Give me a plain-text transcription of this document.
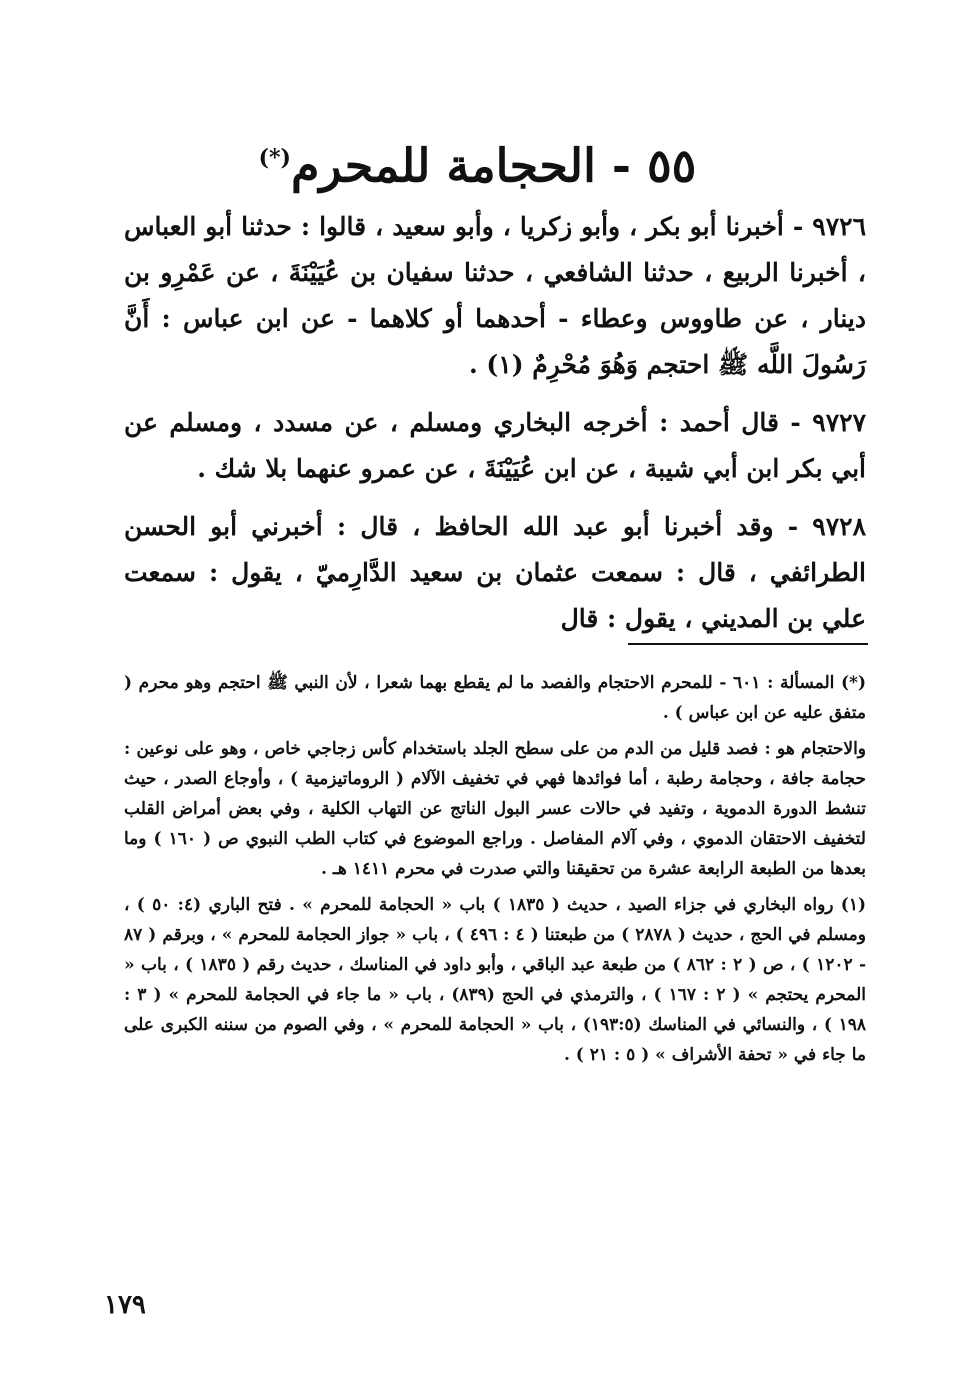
٥٥ - الحجامة للمحرم(*)

٩٧٢٦ - أخبرنا أبو بكر ، وأبو زكريا ، وأبو سعيد ، قالوا : حدثنا أبو العباس ، أخبرنا الربيع ، حدثنا الشافعي ، حدثنا سفيان بن عُيَيْنَةَ ، عن عَمْرِو بن دينار ، عن طاووس وعطاء - أحدهما أو كلاهما - عن ابن عباس : أَنَّ رَسُولَ اللَّه ﷺ احتجم وَهُوَ مُحْرِمٌ (١) .

٩٧٢٧ - قال أحمد : أخرجه البخاري ومسلم ، عن مسدد ، ومسلم عن أبي بكر ابن أبي شيبة ، عن ابن عُيَيْنَةَ ، عن عمرو عنهما بلا شك .

٩٧٢٨ - وقد أخبرنا أبو عبد الله الحافظ ، قال : أخبرني أبو الحسن الطرائفي ، قال : سمعت عثمان بن سعيد الدَّارِميّ ، يقول : سمعت علي بن المديني ، يقول : قال

(*) المسألة : ٦٠١ - للمحرم الاحتجام والفصد ما لم يقطع بهما شعرا ، لأن النبي ﷺ احتجم وهو محرم ( متفق عليه عن ابن عباس ) .

والاحتجام هو : فصد قليل من الدم من على سطح الجلد باستخدام كأس زجاجي خاص ، وهو على نوعين : حجامة جافة ، وحجامة رطبة ، أما فوائدها فهي في تخفيف الآلام ( الروماتيزمية ) ، وأوجاع الصدر ، حيث تنشط الدورة الدموية ، وتفيد في حالات عسر البول الناتج عن التهاب الكلية ، وفي بعض أمراض القلب لتخفيف الاحتقان الدموي ، وفي آلام المفاصل . وراجع الموضوع في كتاب الطب النبوي ص ( ١٦٠ ) وما بعدها من الطبعة الرابعة عشرة من تحقيقنا والتي صدرت في محرم ١٤١١ هـ .

(١) رواه البخاري في جزاء الصيد ، حديث ( ١٨٣٥ ) باب « الحجامة للمحرم » . فتح الباري (٤: ٥٠ ) ، ومسلم في الحج ، حديث ( ٢٨٧٨ ) من طبعتنا ( ٤ : ٤٩٦ ) ، باب « جواز الحجامة للمحرم » ، وبرقم ( ٨٧ - ١٢٠٢ ) ، ص ( ٢ : ٨٦٢ ) من طبعة عبد الباقي ، وأبو داود في المناسك ، حديث رقم ( ١٨٣٥ ) ، باب « المحرم يحتجم » ( ٢ : ١٦٧ ) ، والترمذي في الحج (٨٣٩) ، باب « ما جاء في الحجامة للمحرم » ( ٣ : ١٩٨ ) ، والنسائي في المناسك (١٩٣:٥) ، باب « الحجامة للمحرم » ، وفي الصوم من سننه الكبرى على ما جاء في « تحفة الأشراف » ( ٥ : ٢١ ) .

١٧٩
